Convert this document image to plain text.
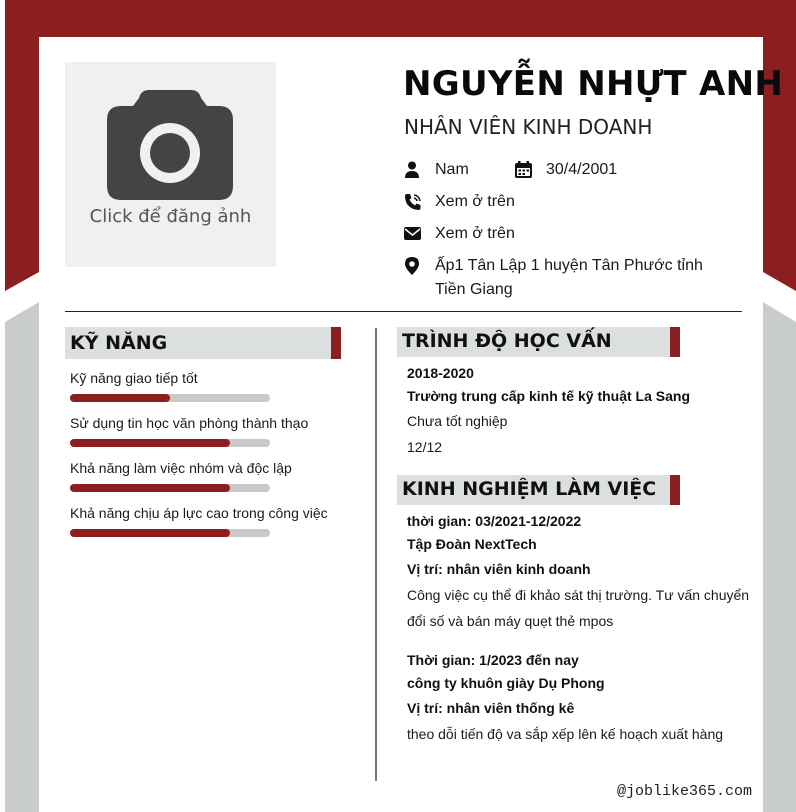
Click để đăng ảnh
NGUYỄN NHỰT ANH
NHÂN VIÊN KINH DOANH
Nam	30/4/2001
Xem ở trên
Xem ở trên
Ấp1 Tân Lập 1 huyện Tân Phước tỉnh
Tiền Giang
KỸ NĂNG
Kỹ năng giao tiếp tốt
Sử dụng tin học văn phòng thành thạo
Khả năng làm việc nhóm và độc lập
Khả năng chịu áp lực cao trong công việc
TRÌNH ĐỘ HỌC VẤN
2018-2020
Trường trung cấp kinh tế kỹ thuật La Sang
Chưa tốt nghiệp
12/12
KINH NGHIỆM LÀM VIỆC
thời gian: 03/2021-12/2022
Tập Đoàn NextTech
Vị trí: nhân viên kinh doanh
Công việc cụ thể đi khảo sát thị trường. Tư vấn chuyển
đổi số và bán máy quẹt thẻ mpos
Thời gian: 1/2023 đến nay
công ty khuôn giày Dụ Phong
Vị trí: nhân viên thống kê
theo dỗi tiến độ va sắp xếp lên kế hoạch xuất hàng
@joblike365.com
